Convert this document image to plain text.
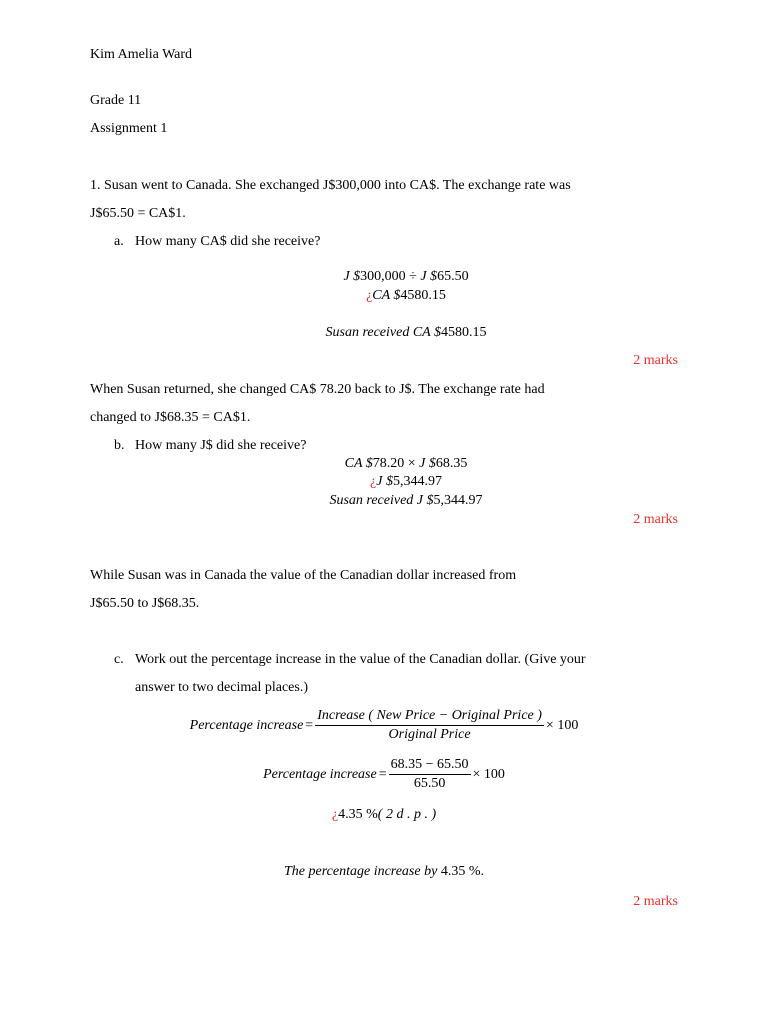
Kim Amelia Ward
Grade 11
Assignment 1
1. Susan went to Canada. She exchanged J$300,000 into CA$. The exchange rate was
J$65.50 = CA$1.
a. How many CA$ did she receive?
J $300,000 ÷ J $65.50
¿CA $4580.15
Susan received CA $4580.15
2 marks
When Susan returned, she changed CA$ 78.20 back to J$. The exchange rate had
changed to J$68.35 = CA$1.
b. How many J$ did she receive?
CA $78.20 × J $68.35
¿J $5,344.97
Susan received J $5,344.97
2 marks
While Susan was in Canada the value of the Canadian dollar increased from
J$65.50 to J$68.35.
c. Work out the percentage increase in the value of the Canadian dollar. (Give your
answer to two decimal places.)
Percentage increase = $\frac{\text{Increase ( New Price − Original Price )}}{\text{Original Price}} \times 100$
Percentage increase = $\frac{68.35 - 65.50}{65.50} \times 100$
¿4.35 %( 2 d . p . )
The percentage increase by 4.35 %.
2 marks
